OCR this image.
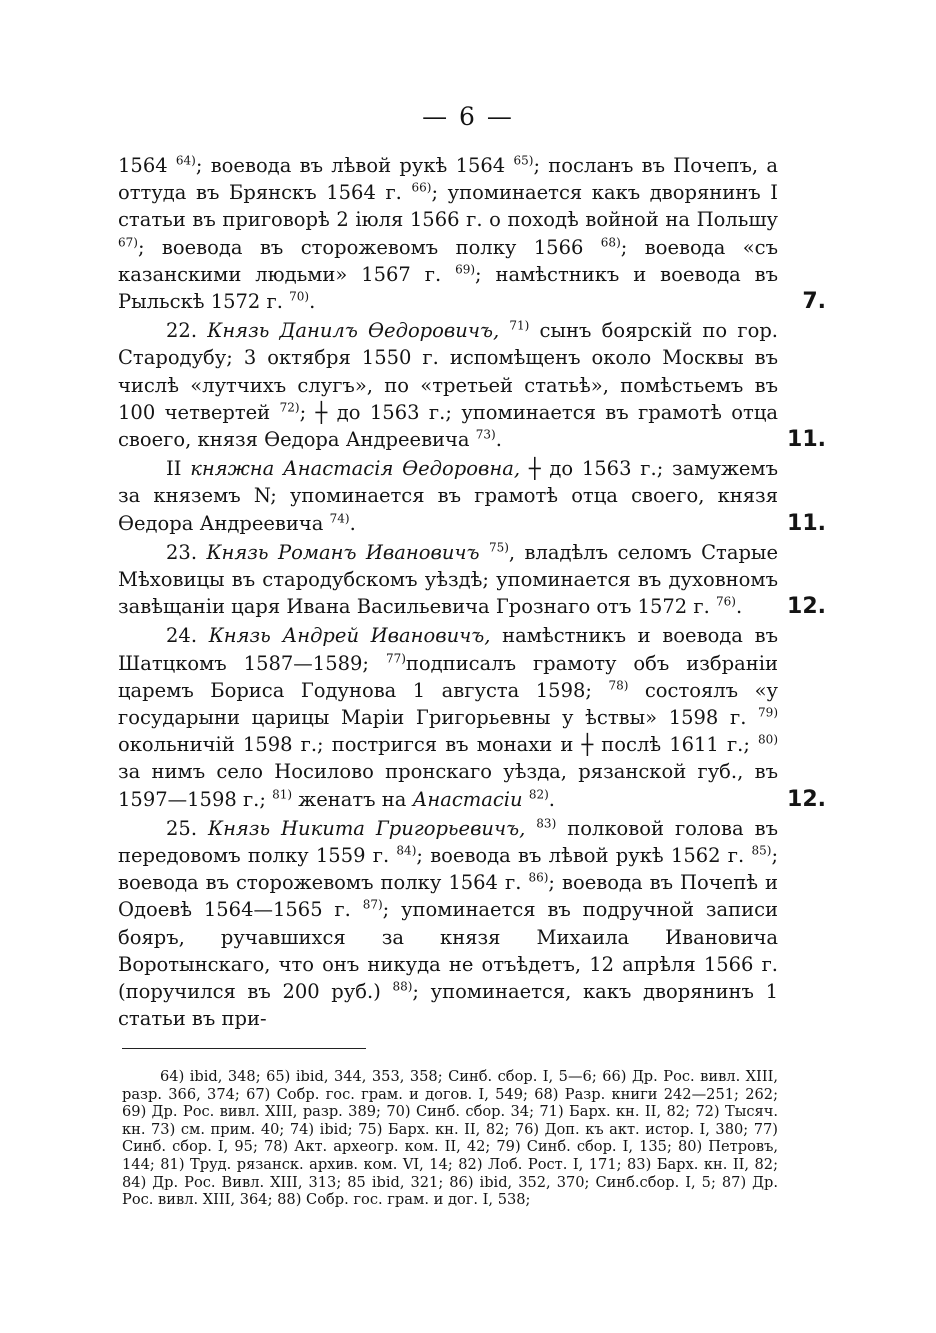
— 6 —

1564 $^{64)}$; воевода въ лѣвой рукѣ 1564 $^{65)}$; посланъ въ Почепъ, а оттуда въ Брянскъ 1564 г. $^{66)}$; упоминается какъ дворянинъ I статьи въ приговорѣ 2 іюля 1566 г. о походѣ войной на Польшу $^{67)}$; воевода въ сторожевомъ полку 1566 $^{68)}$; воевода «съ казанскими людьми» 1567 г. $^{69)}$; намѣстникъ и воевода въ Рыльскѣ 1572 г. $^{70)}$.	7.

22. Князь Данилъ Өедоровичъ, $^{71)}$ сынъ боярскій по гор. Стародубу; 3 октября 1550 г. испомѣщенъ около Москвы въ числѣ «лутчихъ слугъ», по «третьей статьѣ», помѣстьемъ въ 100 четвертей $^{72)}$; ┼ до 1563 г.; упоминается въ грамотѣ отца своего, князя Өедора Андреевича $^{73)}$.	11.

II княжна Анастасія Өедоровна, ┼ до 1563 г.; замужемъ за княземъ N; упоминается въ грамотѣ отца своего, князя Өедора Андреевича $^{74)}$.	11.

23. Князь Романъ Ивановичъ $^{75)}$, владѣлъ селомъ Старые Мѣховицы въ стародубскомъ уѣздѣ; упоминается въ духовномъ завѣщаніи царя Ивана Васильевича Грознаго отъ 1572 г. $^{76)}$. 12.

24. Князь Андрей Ивановичъ, намѣстникъ и воевода въ Шатцкомъ 1587—1589; $^{77)}$подписалъ грамоту объ избраніи царемъ Бориса Годунова 1 августа 1598; $^{78)}$ состоялъ «у государыни царицы Маріи Григорьевны у ѣствы» 1598 г. $^{79)}$ окольничій 1598 г.; постригся въ монахи и ┼ послѣ 1611 г.; $^{80)}$ за нимъ село Носилово пронскаго уѣзда, рязанской губ., въ 1597—1598 г.; $^{81)}$ женатъ на Анастасіи $^{82)}$.	12.

25. Князь Никита Григорьевичъ, $^{83)}$ полковой голова въ передовомъ полку 1559 г. $^{84)}$; воевода въ лѣвой рукѣ 1562 г. $^{85)}$; воевода въ сторожевомъ полку 1564 г. $^{86)}$; воевода въ Почепѣ и Одоевѣ 1564—1565 г. $^{87)}$; упоминается въ подручной записи бояръ, ручавшихся за князя Михаила Ивановича Воротынскаго, что онъ никуда не отъѣдетъ, 12 апрѣля 1566 г. (поручился въ 200 руб.) $^{88)}$; упоминается, какъ дворянинъ 1 статьи въ при-

64) ibid, 348; 65) ibid, 344, 353, 358; Синб. сбор. I, 5—6; 66) Др. Рос. вивл. XIII, разр. 366, 374; 67) Собр. гос. грам. и догов. I, 549; 68) Разр. книги 242—251; 262; 69) Др. Рос. вивл. XIII, разр. 389; 70) Синб. сбор. 34; 71) Барх. кн. II, 82; 72) Тысяч. кн. 73) см. прим. 40; 74) ibid; 75) Барх. кн. II, 82; 76) Доп. къ акт. истор. I, 380; 77) Синб. сбор. I, 95; 78) Акт. археогр. ком. II, 42; 79) Синб. сбор. I, 135; 80) Петровъ, 144; 81) Труд. рязанск. архив. ком. VI, 14; 82) Лоб. Рост. I, 171; 83) Барх. кн. II, 82; 84) Др. Рос. Вивл. XIII, 313; 85 ibid, 321; 86) ibid, 352, 370; Синб.сбор. I, 5; 87) Др. Рос. вивл. XIII, 364; 88) Собр. гос. грам. и дог. I, 538;
